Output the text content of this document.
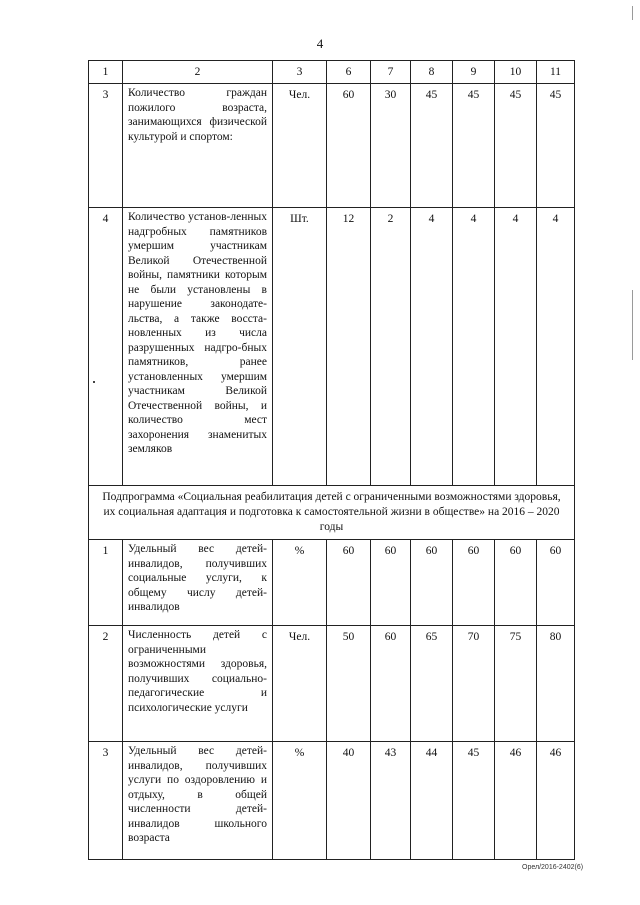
4
1	2	3	6	7	8	9	10	11
3	Количество граждан пожилого возраста, занимающихся физической культурой и спортом:	Чел.	60	30	45	45	45	45
4	Количество установ-ленных надгробных памятников умершим участникам Великой Отечественной войны, памятники которым не были установлены в нарушение законодате-льства, а также восста-новленных из числа разрушенных надгро-бных памятников, ранее установленных умершим участникам Великой Отечественной войны, и количество мест захоронения знаменитых земляков	Шт.	12	2	4	4	4	4
Подпрограмма «Социальная реабилитация детей с ограниченными возможностями здоровья, их социальная адаптация и подготовка к самостоятельной жизни в обществе» на 2016 – 2020 годы								
1	Удельный вес детей-инвалидов, получивших социальные услуги, к общему числу детей-инвалидов	%	60	60	60	60	60	60
2	Численность детей с ограниченными возможностями здоровья, получивших социально-педагогические и психологические услуги	Чел.	50	60	65	70	75	80
3	Удельный вес детей-инвалидов, получивших услуги по оздоровлению и отдыху, в общей численности детей-инвалидов школьного возраста	%	40	43	44	45	46	46
Орел/2016-2402(6)
